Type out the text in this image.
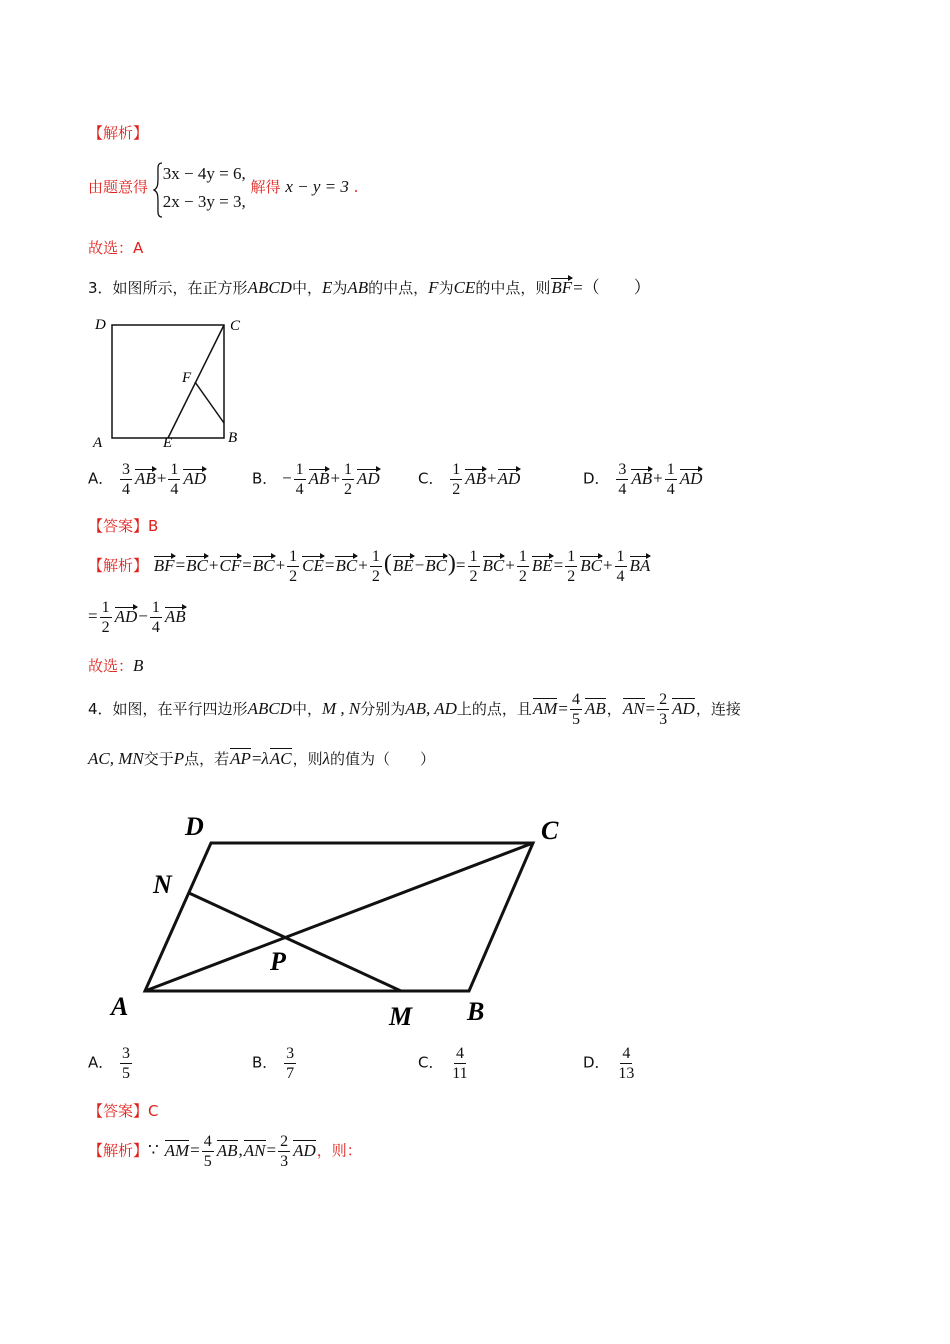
【解析】
由题意得
3x − 4y = 6,
2x − 3y = 3,
解得 x − y = 3 .
故选：A
3．如图所示，在正方形ABCD中，E为AB的中点，F为CE的中点，则BF=（　　）
D	C
F
A	E	B
A． $\frac{3}{4} AB+ \frac{1}{4}$ AD	B． − $\frac{1}{4} AB+ \frac{1}{2}$ AD	C． $\frac{1}{2} AB+AD$	D． $\frac{3}{4} AB+ \frac{1}{4}$ AD
【答案】B
【解析】 $BF=BC+CF=BC+ \frac{1}{2} CE=BC+ \frac{1}{2} (BE-BC)= \frac{1}{2} BC+ \frac{1}{2} BE= \frac{1}{2} BC+ \frac{1}{4}$ BA
= $\frac{1}{2} AD- \frac{1}{4}$ AB
故选：B
4．如图，在平行四边形ABCD中，M , N分别为AB, AD上的点，且$AM= \frac{4}{5}$ AB，$AN= \frac{2}{3}$ AD，连接
AC, MN交于P点，若AP=λAC，则λ的值为（　　）
D	C
N
P
A	M B
A． $\frac{3}{5}$	B． $\frac{3}{7}$	C． $\frac{4}{11}$	D． $\frac{4}{13}$
【答案】C
【解析】∵ $AM= \frac{4}{5} AB,AN= \frac{2}{3}$ AD，则：
